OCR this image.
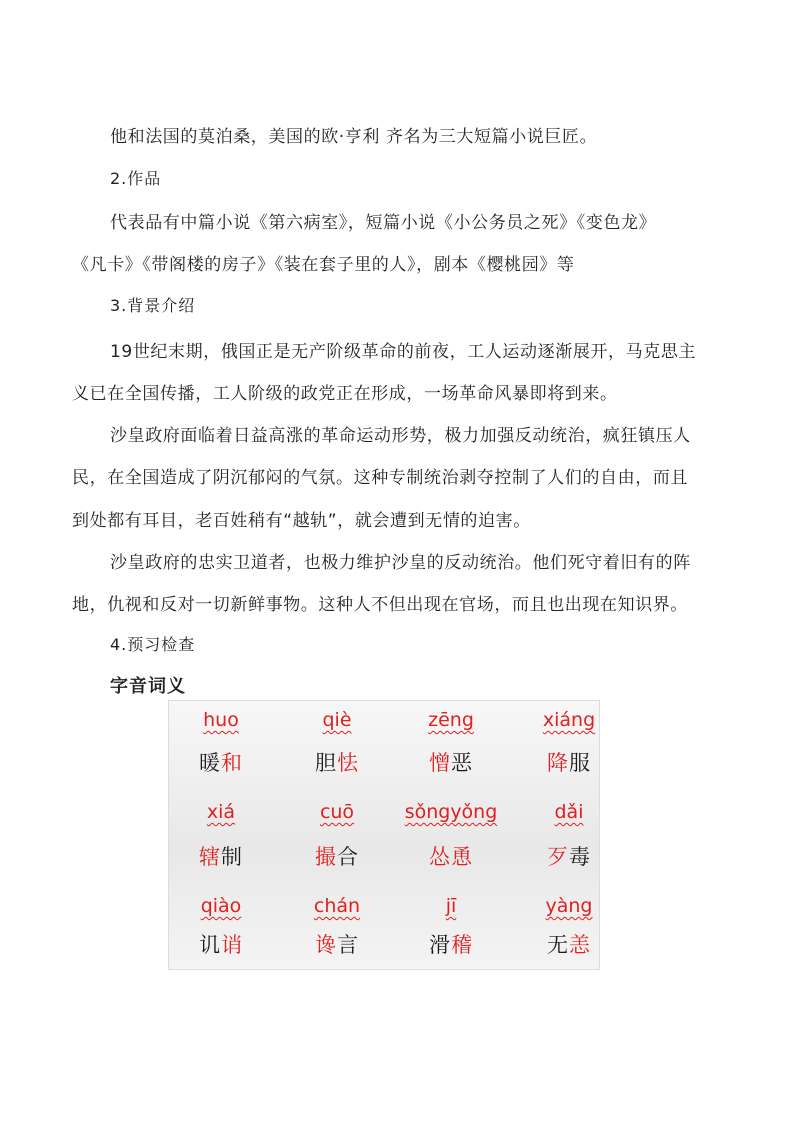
他和法国的莫泊桑，美国的欧·亨利 齐名为三大短篇小说巨匠。
2.作品
代表品有中篇小说《第六病室》，短篇小说《小公务员之死》《变色龙》
《凡卡》《带阁楼的房子》《装在套子里的人》，剧本《樱桃园》等
3.背景介绍
19世纪末期，俄国正是无产阶级革命的前夜，工人运动逐渐展开，马克思主
义已在全国传播，工人阶级的政党正在形成，一场革命风暴即将到来。
沙皇政府面临着日益高涨的革命运动形势，极力加强反动统治，疯狂镇压人
民，在全国造成了阴沉郁闷的气氛。这种专制统治剥夺控制了人们的自由，而且
到处都有耳目，老百姓稍有“越轨”，就会遭到无情的迫害。
沙皇政府的忠实卫道者，也极力维护沙皇的反动统治。他们死守着旧有的阵
地，仇视和反对一切新鲜事物。这种人不但出现在官场，而且也出现在知识界。
4.预习检查
字音词义
huo
暖和
qiè
胆怯
zēng
憎恶
xiáng
降服
xiá
辖制
cuō
撮合
sǒngyǒng
怂恿
dǎi
歹毒
qiào
讥诮
chán
谗言
jī
滑稽
yàng
无恙
